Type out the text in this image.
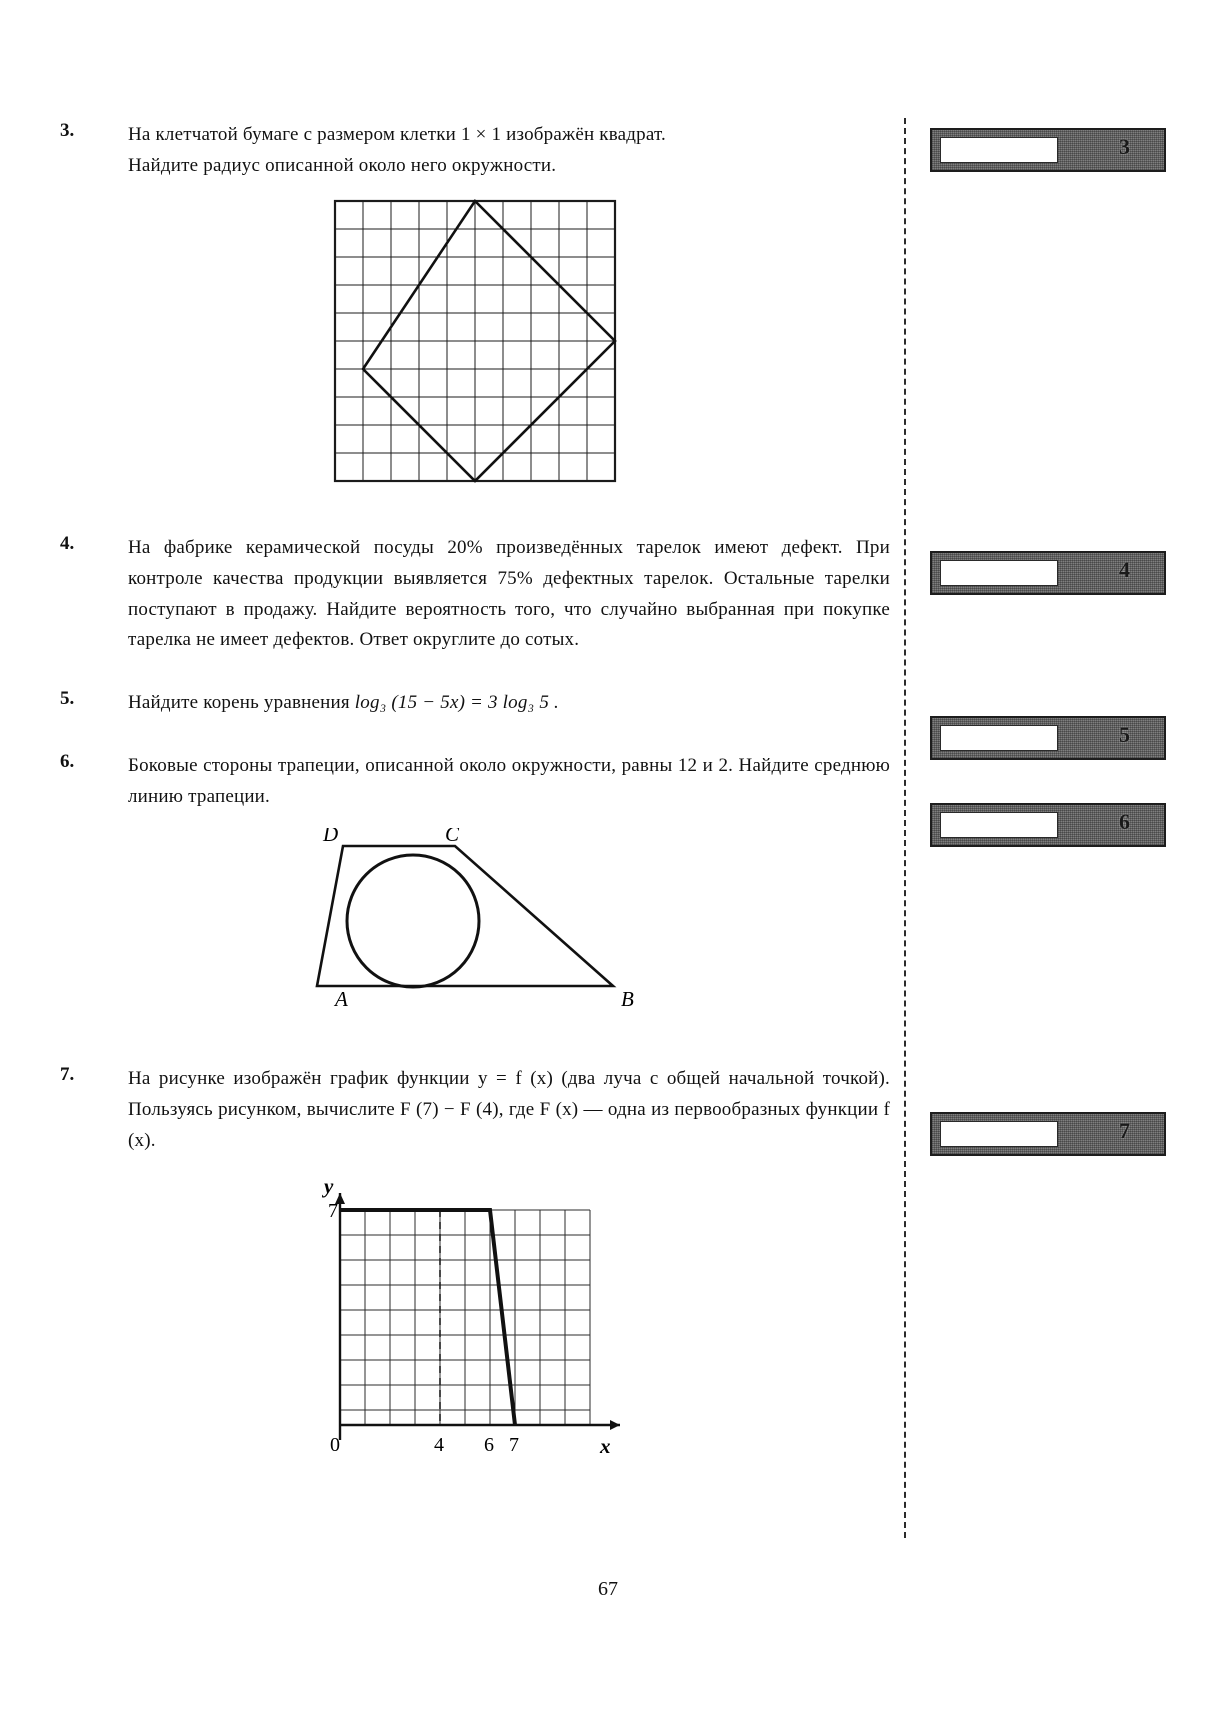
3.	На клетчатой бумаге с размером клетки 1 × 1 изображён квадрат.
Найдите радиус описанной около него окружности.
4.	На фабрике керамической посуды 20% произведённых тарелок имеют дефект. При контроле качества продукции выявляется 75% дефектных тарелок. Остальные тарелки поступают в продажу. Найдите вероятность того, что случайно выбранная при покупке тарелка не имеет дефектов. Ответ округлите до сотых.
5.	Найдите корень уравнения log₃ (15 − 5x) = 3 log₃ 5 .
6.	Боковые стороны трапеции, описанной около окружности, равны 12 и 2. Найдите среднюю линию трапеции.
A	B
C
D
7.	На рисунке изображён график функции y = f (x) (два луча с общей начальной точкой). Пользуясь рисунком, вычислите F (7) − F (4), где F (x) — одна из первообразных функции f (x).
7
0	4 6 7	x
y
3
4
5
6
7
67
